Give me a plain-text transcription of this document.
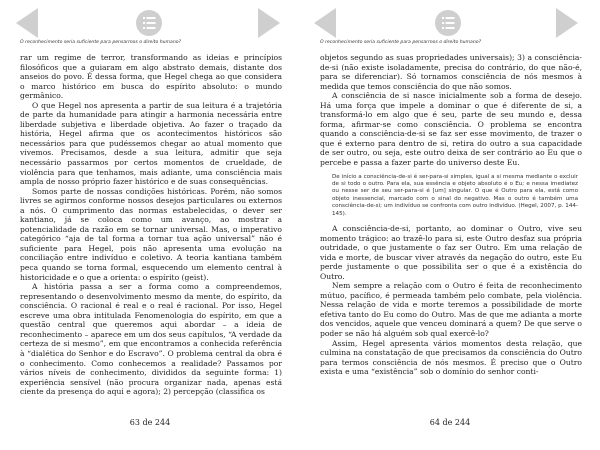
O reconhecimento seria suficiente para pensarmos o direito humano?

rar um regime de terror, transformando as ideias e princípios filosóficos que a guiaram em algo abstrato demais, distante dos anseios do povo. É dessa forma, que Hegel chega ao que considera o marco histórico em busca do espírito absoluto: o mundo germânico.

O que Hegel nos apresenta a partir de sua leitura é a trajetória de parte da humanidade para atingir a harmonia necessária entre liberdade subjetiva e liberdade objetiva. Ao fazer o traçado da história, Hegel afirma que os acontecimentos históricos são necessários para que pudéssemos chegar ao atual momento que vivemos. Precisamos, desde a sua leitura, admitir que seja necessário passarmos por certos momentos de crueldade, de violência para que tenhamos, mais adiante, uma consciência mais ampla de nosso próprio fazer histórico e de suas consequências.

Somos parte de nossas condições históricas. Porém, não somos livres se agirmos conforme nossos desejos particulares ou externos a nós. O cumprimento das normas estabelecidas, o dever ser kantiano, já se coloca como um avanço, ao mostrar a potencialidade da razão em se tornar universal. Mas, o imperativo categórico “aja de tal forma a tornar tua ação universal” não é suficiente para Hegel, pois não apresenta uma evolução na conciliação entre indivíduo e coletivo. A teoria kantiana também peca quando se torna formal, esquecendo um elemento central à historicidade e o que a orienta: o espírito (geist).

A história passa a ser a forma como a compreendemos, representando o desenvolvimento mesmo da mente, do espírito, da consciência. O racional é real e o real é racional. Por isso, Hegel escreve uma obra intitulada Fenomenologia do espírito, em que a questão central que queremos aqui abordar – a ideia de reconhecimento – aparece em um dos seus capítulos, “A verdade da certeza de si mesmo”, em que encontramos a conhecida referência à “dialética do Senhor e do Escravo”. O problema central da obra é o conhecimento. Como conhecemos a realidade? Passamos por vários níveis de conhecimento, divididos da seguinte forma: 1) experiência sensível (não procura organizar nada, apenas está ciente da presença do aqui e agora); 2) percepção (classifica os

63 de 244
O reconhecimento seria suficiente para pensarmos o direito humano?

objetos segundo as suas propriedades universais); 3) a consciência-de-si (não existe isoladamente, precisa do contrário, do que não-é, para se diferenciar). Só tornamos consciência de nós mesmos à medida que temos consciência do que não somos.

A consciência de si nasce inicialmente sob a forma de desejo. Há uma força que impele a dominar o que é diferente de si, a transformá-lo em algo que é seu, parte de seu mundo e, dessa forma, afirmar-se como consciência. O problema se encontra quando a consciência-de-si se faz ser esse movimento, de trazer o que é externo para dentro de si, retira do outro a sua capacidade de ser outro, ou seja, este outro deixa de ser contrário ao Eu que o percebe e passa a fazer parte do universo deste Eu.

De início a consciência-de-si é ser-para-si simples, igual a si mesma mediante o excluir de si todo o outro. Para ela, sua essência e objeto absoluto é o Eu; e nessa imediatez ou nesse ser de seu ser-para-si é [um] singular. O que é Outro para ela, está como objeto inessencial, marcado com o sinal do negativo. Mas o outro é também uma consciência-de-si; um indivíduo se confronta com outro indivíduo. (Hegel, 2007, p. 144-145).

A consciência-de-si, portanto, ao dominar o Outro, vive seu momento trágico: ao trazê-lo para si, este Outro desfaz sua própria outridade, o que justamente o faz ser Outro. Em uma relação de vida e morte, de buscar viver através da negação do outro, este Eu perde justamente o que possibilita ser o que é a existência do Outro.

Nem sempre a relação com o Outro é feita de reconhecimento mútuo, pacífico, é permeada também pelo combate, pela violência. Nessa relação de vida e morte teremos a possibilidade de morte efetiva tanto do Eu como do Outro. Mas de que me adianta a morte dos vencidos, aquele que venceu dominará a quem? De que serve o poder se não há alguém sob qual exercê-lo?

Assim, Hegel apresenta vários momentos desta relação, que culmina na constatação de que precisamos da consciência do Outro para termos consciência de nós mesmos. É preciso que o Outro exista e uma “existência” sob o domínio do senhor conti-

64 de 244
